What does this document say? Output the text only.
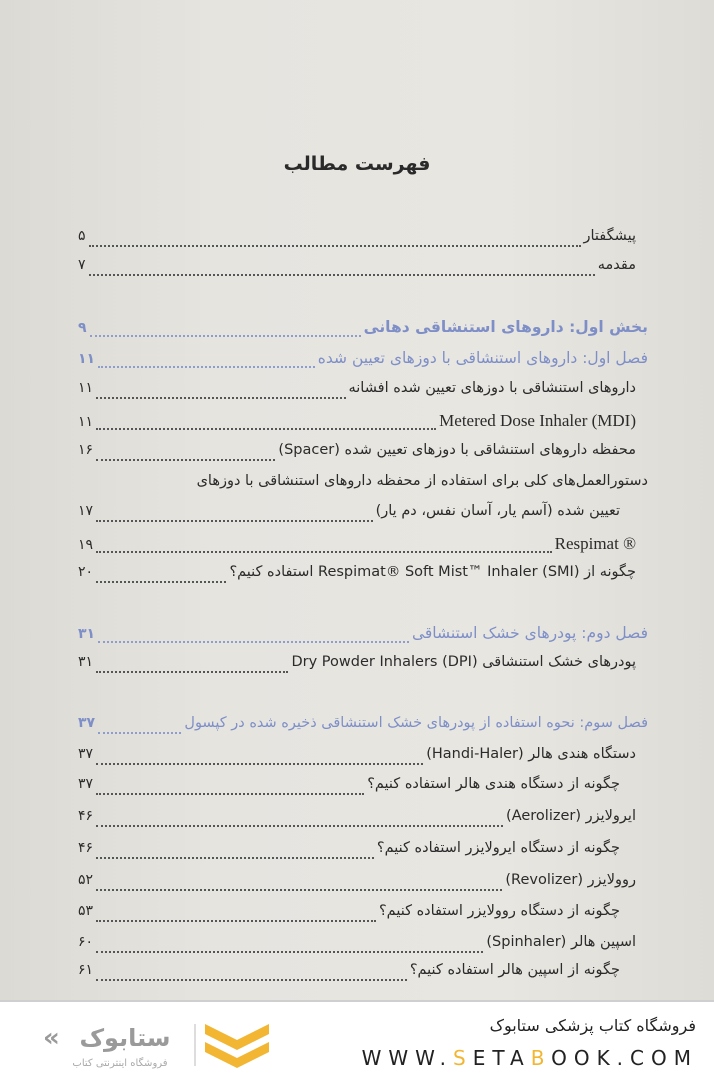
فهرست مطالب
پیشگفتار
۵
مقدمه
۷
بخش اول: داروهای استنشاقی دهانی
۹
فصل اول: داروهای استنشاقی با دوزهای تعیین شده
۱۱
داروهای استنشاقی با دوزهای تعیین شده افشانه
۱۱
Metered Dose Inhaler (MDI)
۱۱
محفظه داروهای استنشاقی با دوزهای تعیین شده (Spacer)
۱۶
دستورالعمل‌های کلی برای استفاده از محفظه داروهای استنشاقی با دوزهای
تعیین شده (آسم یار، آسان نفس، دم یار)
۱۷
Respimat ®
۱۹
چگونه از (SMI) Respimat® Soft Mist™ Inhaler استفاده کنیم؟
۲۰
فصل دوم: پودرهای خشک استنشاقی
۳۱
پودرهای خشک استنشاقی (DPI) Dry Powder Inhalers
۳۱
فصل سوم: نحوه استفاده از پودرهای خشک استنشاقی ذخیره شده در کپسول
۳۷
دستگاه هندی هالر (Handi-Haler)
۳۷
چگونه از دستگاه هندی هالر استفاده کنیم؟
۳۷
ایرولایزر (Aerolizer)
۴۶
چگونه از دستگاه ایرولایزر استفاده کنیم؟
۴۶
روولایزر (Revolizer)
۵۲
چگونه از دستگاه روولایزر استفاده کنیم؟
۵۳
اسپین هالر (Spinhaler)
۶۰
چگونه از اسپین هالر استفاده کنیم؟
۶۱
« ستابوک
فروشگاه اینترنتی کتاب
فروشگاه کتاب پزشکی ستابوک
WWW.SETABOOK.COM
